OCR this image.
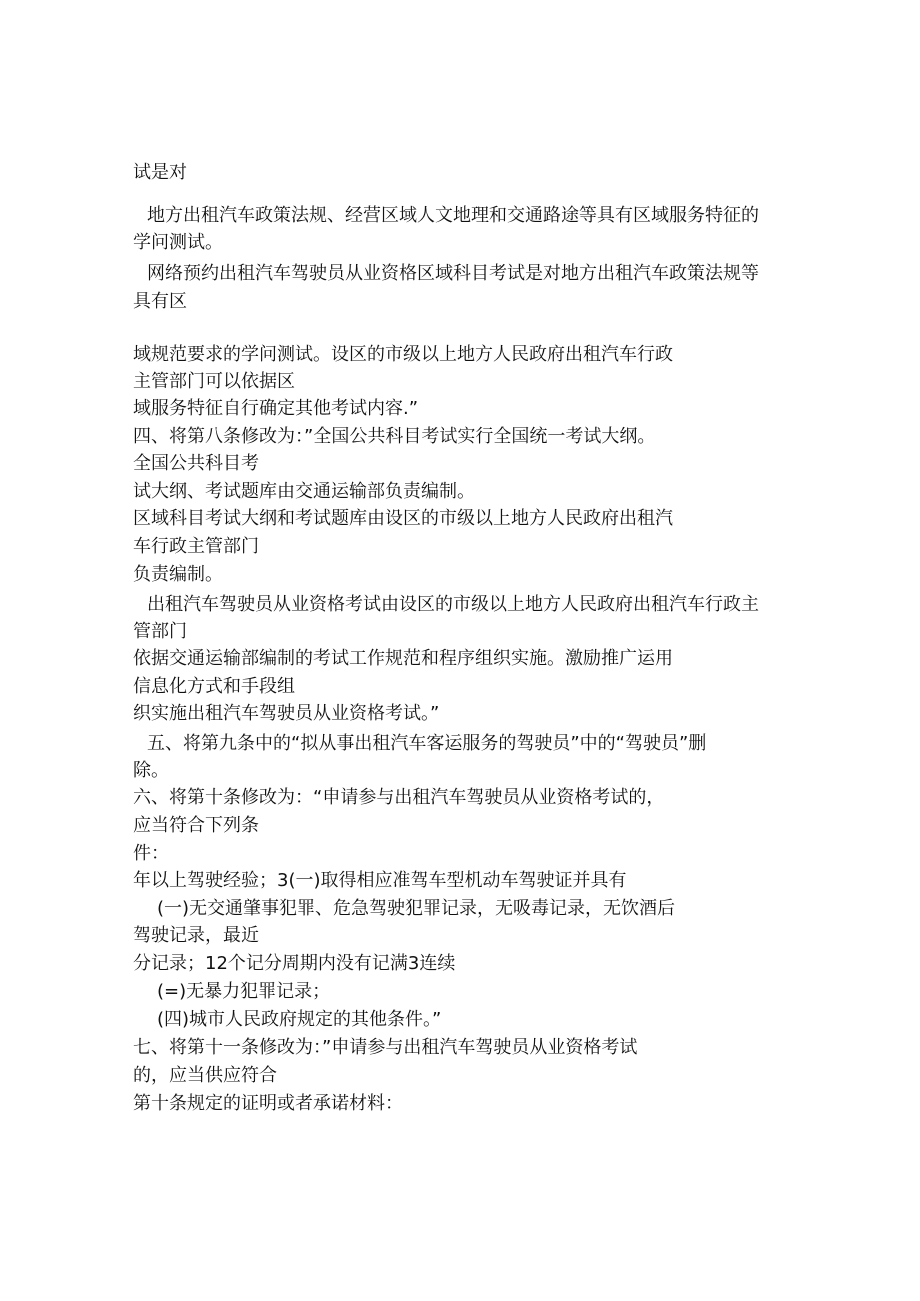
试是对
地方出租汽车政策法规、经营区域人文地理和交通路途等具有区域服务特征的
学问测试。
网络预约出租汽车驾驶员从业资格区域科目考试是对地方出租汽车政策法规等
具有区
域规范要求的学问测试。设区的市级以上地方人民政府出租汽车行政
主管部门可以依据区
域服务特征自行确定其他考试内容.”
四、将第八条修改为：”全国公共科目考试实行全国统一考试大纲。
全国公共科目考
试大纲、考试题库由交通运输部负责编制。
区域科目考试大纲和考试题库由设区的市级以上地方人民政府出租汽
车行政主管部门
负责编制。
出租汽车驾驶员从业资格考试由设区的市级以上地方人民政府出租汽车行政主
管部门
依据交通运输部编制的考试工作规范和程序组织实施。激励推广运用
信息化方式和手段组
织实施出租汽车驾驶员从业资格考试。”
五、将第九条中的“拟从事出租汽车客运服务的驾驶员”中的“驾驶员”删
除。
六、将第十条修改为：“申请参与出租汽车驾驶员从业资格考试的，
应当符合下列条
件：
年以上驾驶经验；3(一)取得相应准驾车型机动车驾驶证并具有
(一)无交通肇事犯罪、危急驾驶犯罪记录，无吸毒记录，无饮酒后
驾驶记录，最近
分记录；12个记分周期内没有记满3连续
(=)无暴力犯罪记录；
(四)城市人民政府规定的其他条件。”
七、将第十一条修改为：”申请参与出租汽车驾驶员从业资格考试
的，应当供应符合
第十条规定的证明或者承诺材料：
